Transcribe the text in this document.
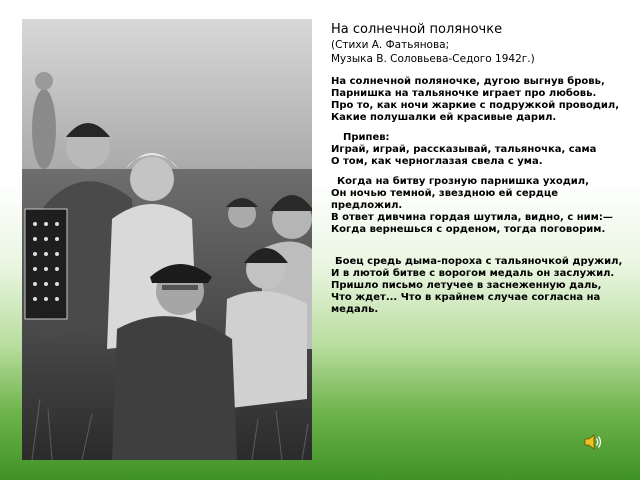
На солнечной поляночке
(Стихи А. Фатьянова;
Музыка В. Соловьева-Седого 1942г.)
На солнечной поляночке, дугою выгнув бровь,
Парнишка на тальяночке играет про любовь.
Про то, как ночи жаркие с подружкой проводил,
Какие полушалки ей красивые дарил.
Припев:
Играй, играй, рассказывай, тальяночка, сама
О том, как черноглазая свела с ума.
Когда на битву грозную парнишка уходил,
Он ночью темной, звездною ей сердце предложил.
В ответ дивчина гордая шутила, видно, с ним:—
Когда вернешься с орденом, тогда поговорим.
Боец средь дыма-пороха с тальяночкой дружил,
И в лютой битве с ворогом медаль он заслужил.
Пришло письмо летучее в заснеженную даль,
Что ждет... Что в крайнем случае согласна на медаль.
